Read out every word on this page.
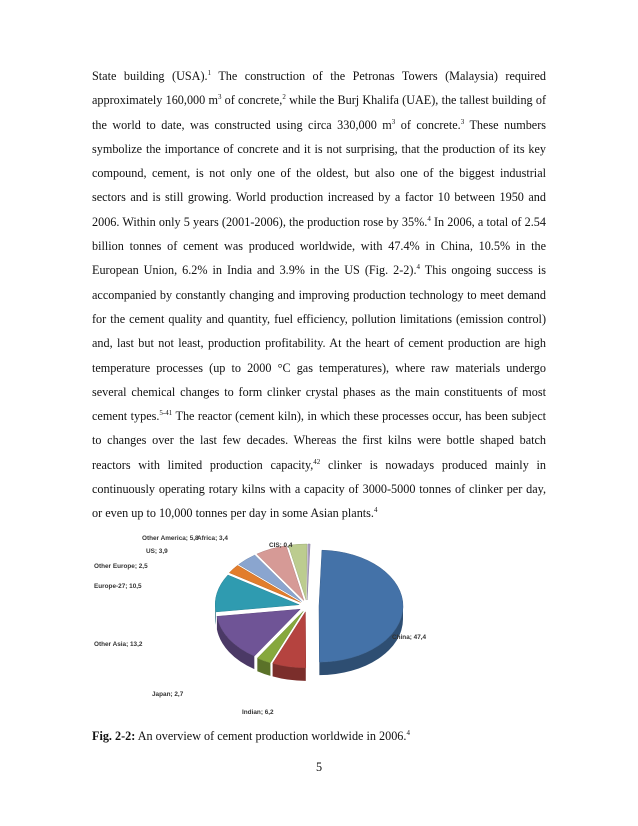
State building (USA).$^1$ The construction of the Petronas Towers (Malaysia) required approximately 160,000 $m^3$ of concrete,$^2$ while the Burj Khalifa (UAE), the tallest building of the world to date, was constructed using circa 330,000 $m^3$ of concrete.$^3$ These numbers symbolize the importance of concrete and it is not surprising, that the production of its key compound, cement, is not only one of the oldest, but also one of the biggest industrial sectors and is still growing. World production increased by a factor 10 between 1950 and 2006. Within only 5 years (2001-2006), the production rose by 35%.$^4$ In 2006, a total of 2.54 billion tonnes of cement was produced worldwide, with 47.4% in China, 10.5% in the European Union, 6.2% in India and 3.9% in the US (Fig. 2-2).$^4$ This ongoing success is accompanied by constantly changing and improving production technology to meet demand for the cement quality and quantity, fuel efficiency, pollution limitations (emission control) and, last but not least, production profitability. At the heart of cement production are high temperature processes (up to 2000 °C gas temperatures), where raw materials undergo several chemical changes to form clinker crystal phases as the main constituents of most cement types.$^{5-41}$ The reactor (cement kiln), in which these processes occur, has been subject to changes over the last few decades. Whereas the first kilns were bottle shaped batch reactors with limited production capacity,$^{42}$ clinker is nowadays produced mainly in continuously operating rotary kilns with a capacity of 3000-5000 tonnes of clinker per day, or even up to 10,000 tonnes per day in some Asian plants.$^4$

China; 47,4
Indian; 6,2
Japan; 2,7
Other Asia; 13,2
Europe-27; 10,5
Other Europe; 2,5
US; 3,9
Other America; 5,8
Africa; 3,4
CIS; 0,4

Fig. 2-2: An overview of cement production worldwide in 2006.$^4$

5
